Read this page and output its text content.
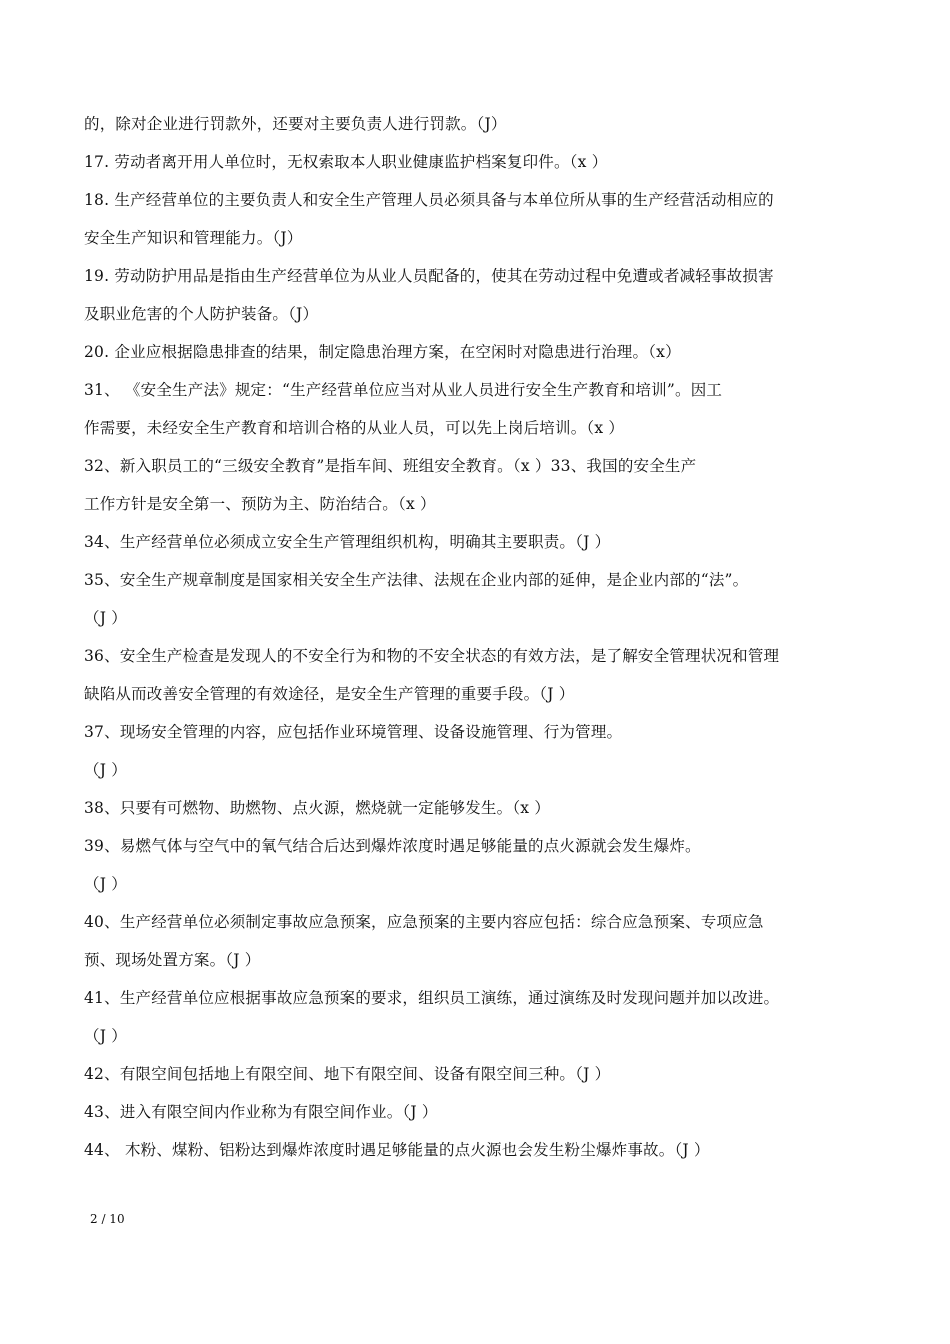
的，除对企业进行罚款外，还要对主要负责人进行罚款。（J）
17. 劳动者离开用人单位时，无权索取本人职业健康监护档案复印件。（x ）
18. 生产经营单位的主要负责人和安全生产管理人员必须具备与本单位所从事的生产经营活动相应的
安全生产知识和管理能力。（J）
19. 劳动防护用品是指由生产经营单位为从业人员配备的，使其在劳动过程中免遭或者减轻事故损害
及职业危害的个人防护装备。（J）
20. 企业应根据隐患排查的结果，制定隐患治理方案，在空闲时对隐患进行治理。（x）
31、 《安全生产法》规定：“生产经营单位应当对从业人员进行安全生产教育和培训”。因工
作需要，未经安全生产教育和培训合格的从业人员，可以先上岗后培训。（x ）
32、新入职员工的“三级安全教育”是指车间、班组安全教育。（x ）33、我国的安全生产
工作方针是安全第一、预防为主、防治结合。（x ）
34、生产经营单位必须成立安全生产管理组织机构，明确其主要职责。（J ）
35、安全生产规章制度是国家相关安全生产法律、法规在企业内部的延伸，是企业内部的“法”。
（J ）
36、安全生产检查是发现人的不安全行为和物的不安全状态的有效方法，是了解安全管理状况和管理
缺陷从而改善安全管理的有效途径，是安全生产管理的重要手段。（J ）
37、现场安全管理的内容，应包括作业环境管理、设备设施管理、行为管理。
（J ）
38、只要有可燃物、助燃物、点火源，燃烧就一定能够发生。（x ）
39、易燃气体与空气中的氧气结合后达到爆炸浓度时遇足够能量的点火源就会发生爆炸。
（J ）
40、生产经营单位必须制定事故应急预案，应急预案的主要内容应包括：综合应急预案、专项应急
预、现场处置方案。（J ）
41、生产经营单位应根据事故应急预案的要求，组织员工演练，通过演练及时发现问题并加以改进。
（J ）
42、有限空间包括地上有限空间、地下有限空间、设备有限空间三种。（J ）
43、进入有限空间内作业称为有限空间作业。（J ）
44、 木粉、煤粉、铝粉达到爆炸浓度时遇足够能量的点火源也会发生粉尘爆炸事故。（J ）
2 / 10
